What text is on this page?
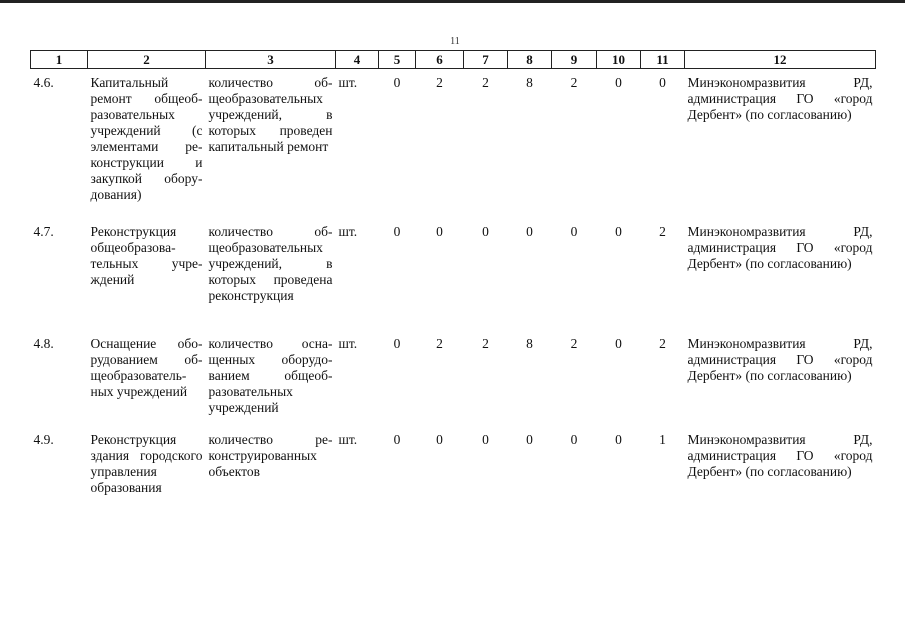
11
1	2	3	4	5	6	7	8	9	10	11	12
4.6.	Капитальный ремонт общеобразовательных учреждений (с элементами реконструкции и закупкой оборудования)	количество общеобразовательных учреждений, в которых проведен капитальный ремонт	шт.	0	2	2	8	2	0	0	Минэкономразвития РД, администрация ГО «город Дербент» (по согласованию)
4.7.	Реконструкция общеобразовательных учреждений	количество общеобразовательных учреждений, в которых проведена реконструкция	шт.	0	0	0	0	0	0	2	Минэкономразвития РД, администрация ГО «город Дербент» (по согласованию)
4.8.	Оснащение оборудованием общеобразовательных учреждений	количество оснащенных оборудованием общеобразовательных учреждений	шт.	0	2	2	8	2	0	2	Минэкономразвития РД, администрация ГО «город Дербент» (по согласованию)
4.9.	Реконструкция здания городского управления образования	количество реконструированных объектов	шт.	0	0	0	0	0	0	1	Минэкономразвития РД, администрация ГО «город Дербент» (по согласованию)
